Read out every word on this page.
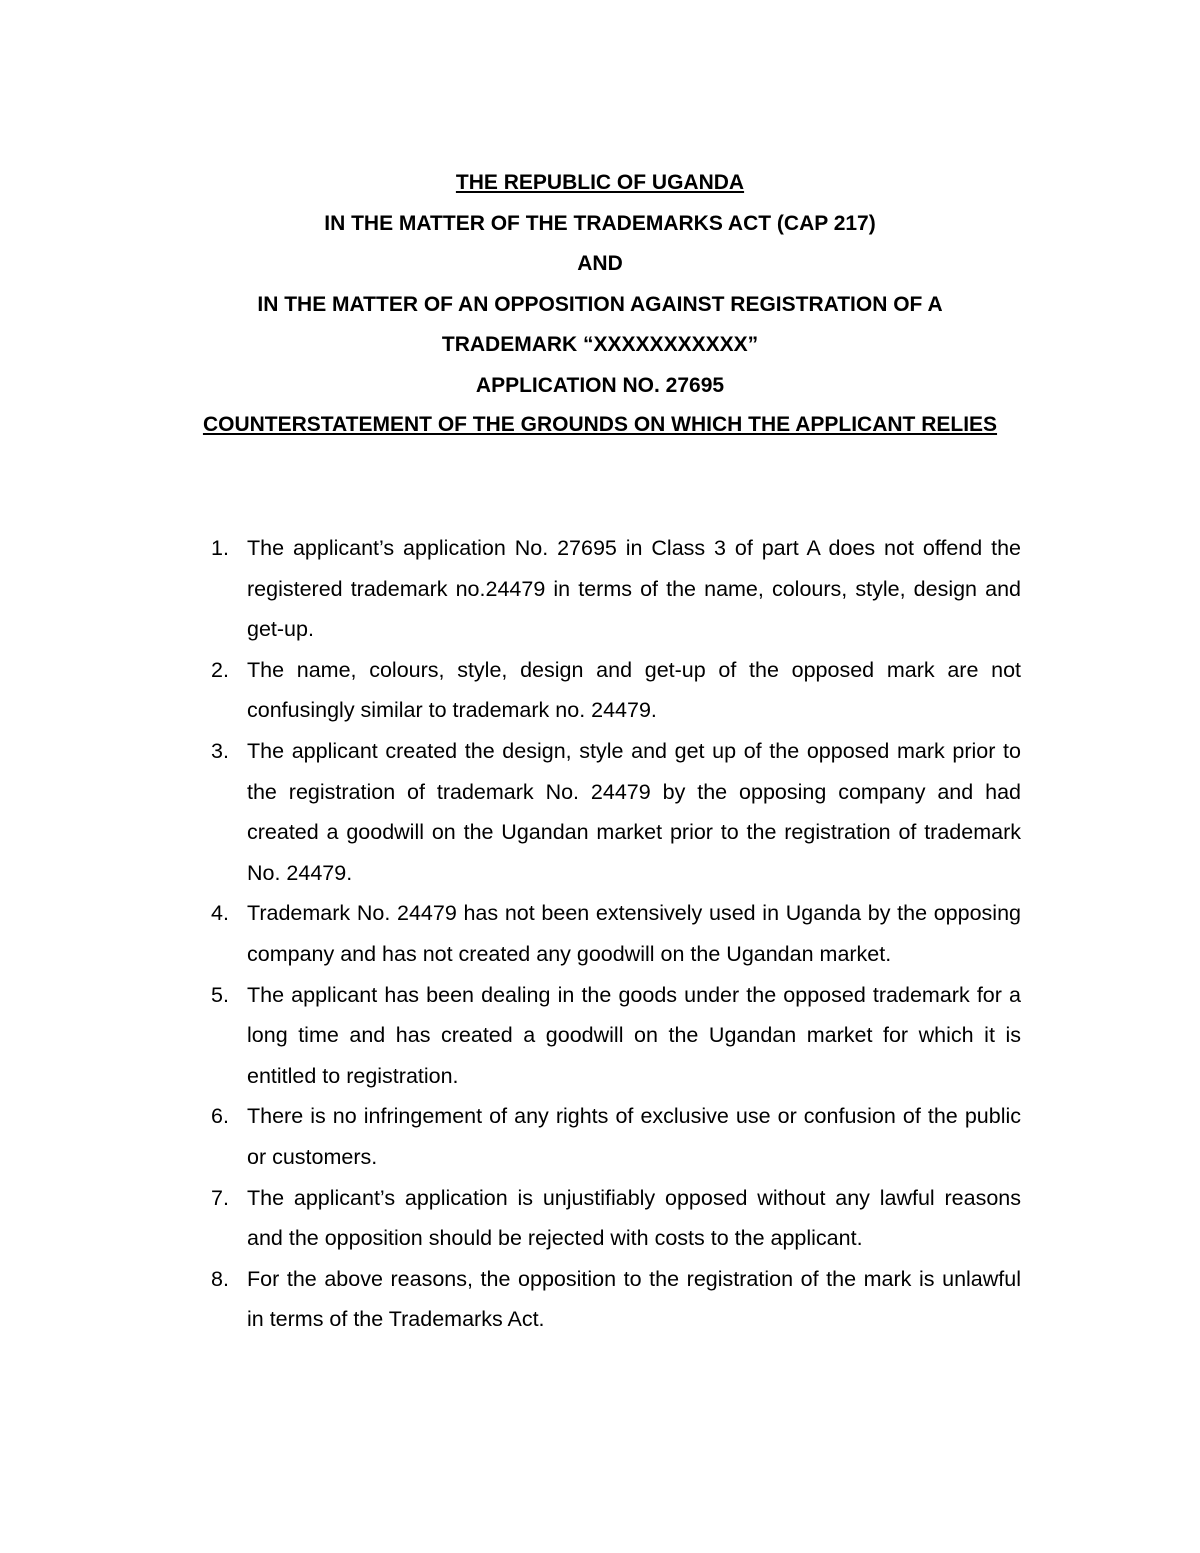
THE REPUBLIC OF UGANDA

IN THE MATTER OF THE TRADEMARKS ACT (CAP 217)

AND

IN THE MATTER OF AN OPPOSITION AGAINST REGISTRATION OF A

TRADEMARK “XXXXXXXXXXX”

APPLICATION NO. 27695

COUNTERSTATEMENT OF THE GROUNDS ON WHICH THE APPLICANT RELIES

1. The applicant’s application No. 27695 in Class 3 of part A does not offend the registered trademark no.24479 in terms of the name, colours, style, design and get-up.
2. The name, colours, style, design and get-up of the opposed mark are not confusingly similar to trademark no. 24479.
3. The applicant created the design, style and get up of the opposed mark prior to the registration of trademark No. 24479 by the opposing company and had created a goodwill on the Ugandan market prior to the registration of trademark No. 24479.
4. Trademark No. 24479 has not been extensively used in Uganda by the opposing company and has not created any goodwill on the Ugandan market.
5. The applicant has been dealing in the goods under the opposed trademark for a long time and has created a goodwill on the Ugandan market for which it is entitled to registration.
6. There is no infringement of any rights of exclusive use or confusion of the public or customers.
7. The applicant’s application is unjustifiably opposed without any lawful reasons and the opposition should be rejected with costs to the applicant.
8. For the above reasons, the opposition to the registration of the mark is unlawful in terms of the Trademarks Act.
